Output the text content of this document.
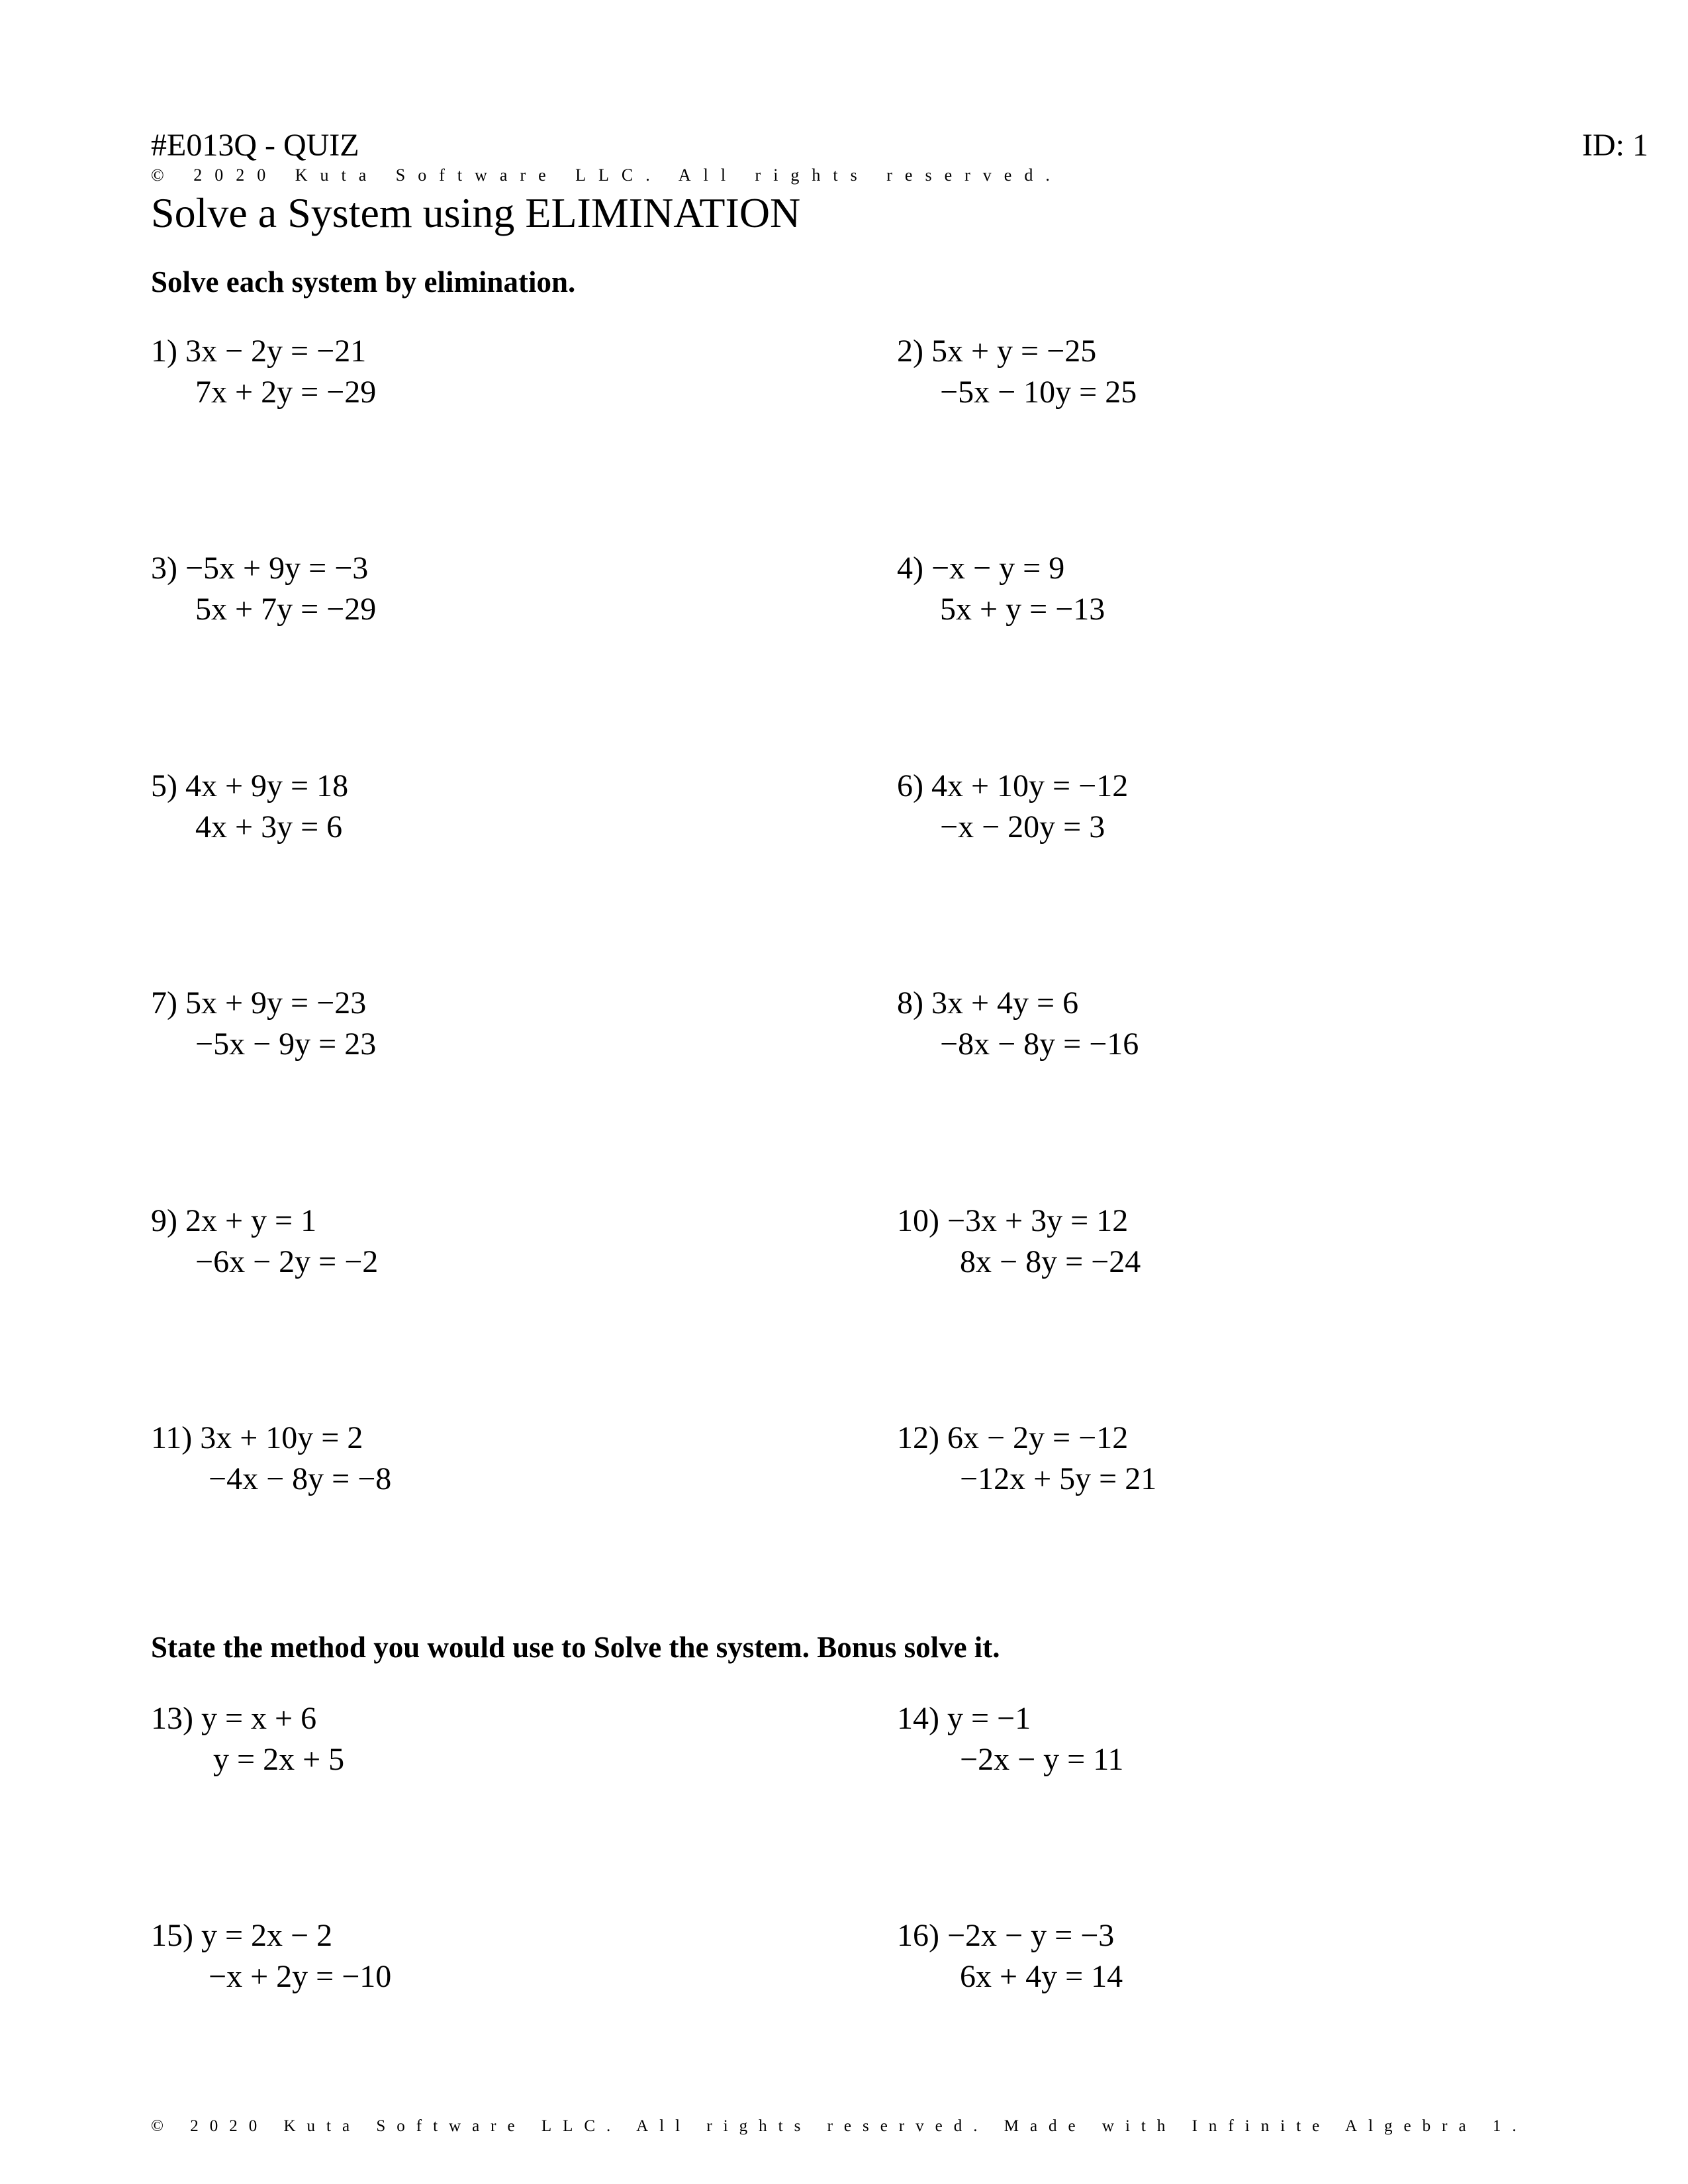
#E013Q - QUIZ	ID: 1
© 2020 Kuta Software LLC. All rights reserved.
Solve a System using ELIMINATION
Solve each system by elimination.
1) 3x − 2y = −21
7x + 2y = −29
2) 5x + y = −25
−5x − 10y = 25
3) −5x + 9y = −3
5x + 7y = −29
4) −x − y = 9
5x + y = −13
5) 4x + 9y = 18
4x + 3y = 6
6) 4x + 10y = −12
−x − 20y = 3
7) 5x + 9y = −23
−5x − 9y = 23
8) 3x + 4y = 6
−8x − 8y = −16
9) 2x + y = 1
−6x − 2y = −2
10) −3x + 3y = 12
8x − 8y = −24
11) 3x + 10y = 2
−4x − 8y = −8
12) 6x − 2y = −12
−12x + 5y = 21
State the method you would use to Solve the system. Bonus solve it.
13) y = x + 6
y = 2x + 5
14) y = −1
−2x − y = 11
15) y = 2x − 2
−x + 2y = −10
16) −2x − y = −3
6x + 4y = 14
© 2020 Kuta Software LLC. All rights reserved. Made with Infinite Algebra 1.
